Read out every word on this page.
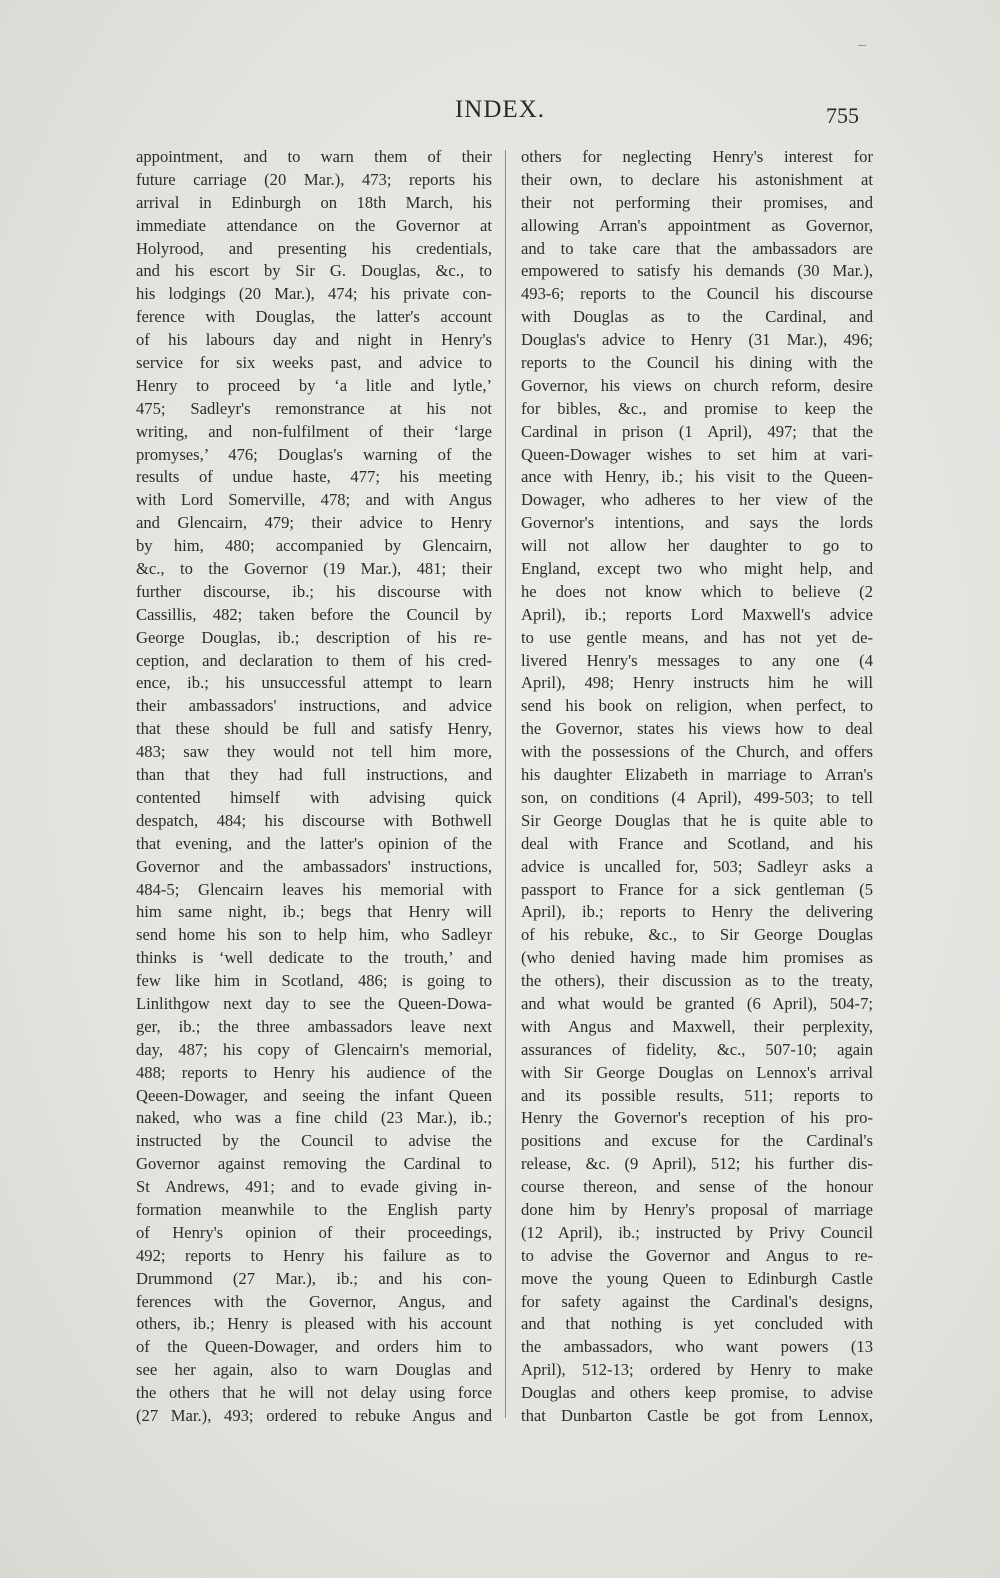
INDEX.	755
appointment, and to warn them of their
future carriage (20 Mar.), 473; reports his
arrival in Edinburgh on 18th March, his
immediate attendance on the Governor at
Holyrood, and presenting his credentials,
and his escort by Sir G. Douglas, &c., to
his lodgings (20 Mar.), 474; his private con-
ference with Douglas, the latter's account
of his labours day and night in Henry's
service for six weeks past, and advice to
Henry to proceed by ‘a litle and lytle,’
475; Sadleyr's remonstrance at his not
writing, and non-fulfilment of their ‘large
promyses,’ 476; Douglas's warning of the
results of undue haste, 477; his meeting
with Lord Somerville, 478; and with Angus
and Glencairn, 479; their advice to Henry
by him, 480; accompanied by Glencairn,
&c., to the Governor (19 Mar.), 481; their
further discourse, ib.; his discourse with
Cassillis, 482; taken before the Council by
George Douglas, ib.; description of his re-
ception, and declaration to them of his cred-
ence, ib.; his unsuccessful attempt to learn
their ambassadors' instructions, and advice
that these should be full and satisfy Henry,
483; saw they would not tell him more,
than that they had full instructions, and
contented himself with advising quick
despatch, 484; his discourse with Bothwell
that evening, and the latter's opinion of the
Governor and the ambassadors' instructions,
484-5; Glencairn leaves his memorial with
him same night, ib.; begs that Henry will
send home his son to help him, who Sadleyr
thinks is ‘well dedicate to the trouth,’ and
few like him in Scotland, 486; is going to
Linlithgow next day to see the Queen-Dowa-
ger, ib.; the three ambassadors leave next
day, 487; his copy of Glencairn's memorial,
488; reports to Henry his audience of the
Qeeen-Dowager, and seeing the infant Queen
naked, who was a fine child (23 Mar.), ib.;
instructed by the Council to advise the
Governor against removing the Cardinal to
St Andrews, 491; and to evade giving in-
formation meanwhile to the English party
of Henry's opinion of their proceedings,
492; reports to Henry his failure as to
Drummond (27 Mar.), ib.; and his con-
ferences with the Governor, Angus, and
others, ib.; Henry is pleased with his account
of the Queen-Dowager, and orders him to
see her again, also to warn Douglas and
the others that he will not delay using force
(27 Mar.), 493; ordered to rebuke Angus and
others for neglecting Henry's interest for
their own, to declare his astonishment at
their not performing their promises, and
allowing Arran's appointment as Governor,
and to take care that the ambassadors are
empowered to satisfy his demands (30 Mar.),
493-6; reports to the Council his discourse
with Douglas as to the Cardinal, and
Douglas's advice to Henry (31 Mar.), 496;
reports to the Council his dining with the
Governor, his views on church reform, desire
for bibles, &c., and promise to keep the
Cardinal in prison (1 April), 497; that the
Queen-Dowager wishes to set him at vari-
ance with Henry, ib.; his visit to the Queen-
Dowager, who adheres to her view of the
Governor's intentions, and says the lords
will not allow her daughter to go to
England, except two who might help, and
he does not know which to believe (2
April), ib.; reports Lord Maxwell's advice
to use gentle means, and has not yet de-
livered Henry's messages to any one (4
April), 498; Henry instructs him he will
send his book on religion, when perfect, to
the Governor, states his views how to deal
with the possessions of the Church, and offers
his daughter Elizabeth in marriage to Arran's
son, on conditions (4 April), 499-503; to tell
Sir George Douglas that he is quite able to
deal with France and Scotland, and his
advice is uncalled for, 503; Sadleyr asks a
passport to France for a sick gentleman (5
April), ib.; reports to Henry the delivering
of his rebuke, &c., to Sir George Douglas
(who denied having made him promises as
the others), their discussion as to the treaty,
and what would be granted (6 April), 504-7;
with Angus and Maxwell, their perplexity,
assurances of fidelity, &c., 507-10; again
with Sir George Douglas on Lennox's arrival
and its possible results, 511; reports to
Henry the Governor's reception of his pro-
positions and excuse for the Cardinal's
release, &c. (9 April), 512; his further dis-
course thereon, and sense of the honour
done him by Henry's proposal of marriage
(12 April), ib.; instructed by Privy Council
to advise the Governor and Angus to re-
move the young Queen to Edinburgh Castle
for safety against the Cardinal's designs,
and that nothing is yet concluded with
the ambassadors, who want powers (13
April), 512-13; ordered by Henry to make
Douglas and others keep promise, to advise
that Dunbarton Castle be got from Lennox,
